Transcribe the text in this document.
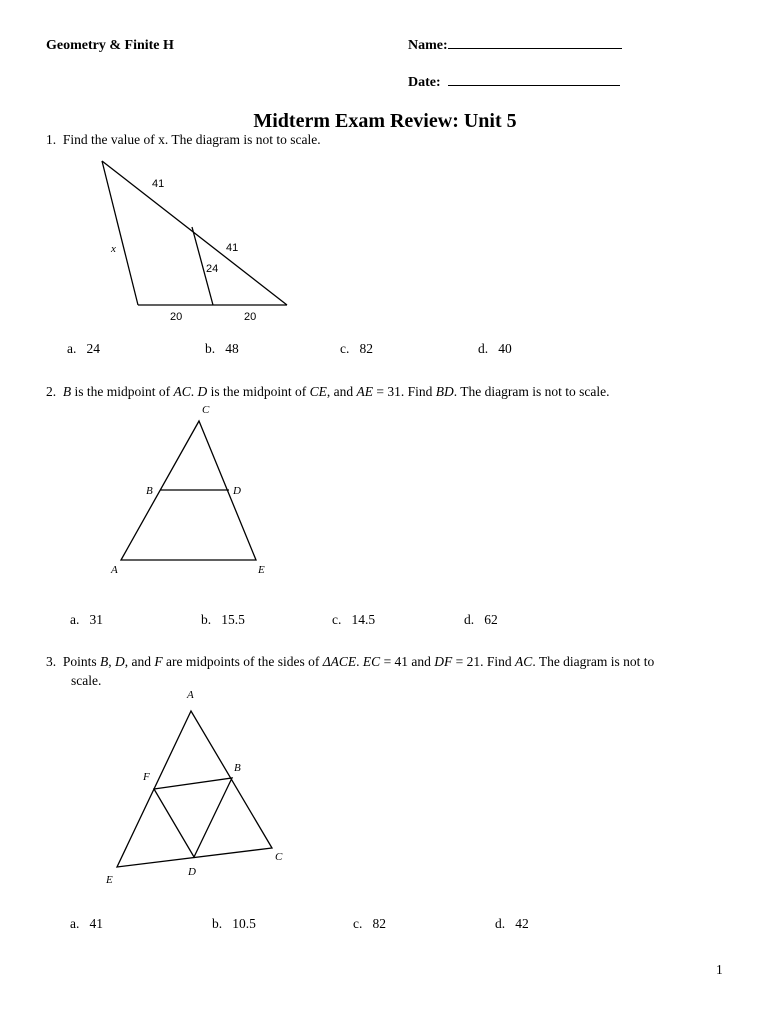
Geometry & Finite H	Name:
Date:
Midterm Exam Review: Unit 5
1. Find the value of x. The diagram is not to scale.
41
41
x
24
20	20
a. 24	b. 48	c. 82	d. 40
2. B is the midpoint of AC. D is the midpoint of CE, and AE = 31. Find BD. The diagram is not to scale.
C
B	D
A	E
a. 31	b. 15.5	c. 14.5	d. 62
3. Points B, D, and F are midpoints of the sides of ΔACE. EC = 41 and DF = 21. Find AC. The diagram is not to
scale.
A
F
B
E
D
C
a. 41	b. 10.5	c. 82	d. 42
1
